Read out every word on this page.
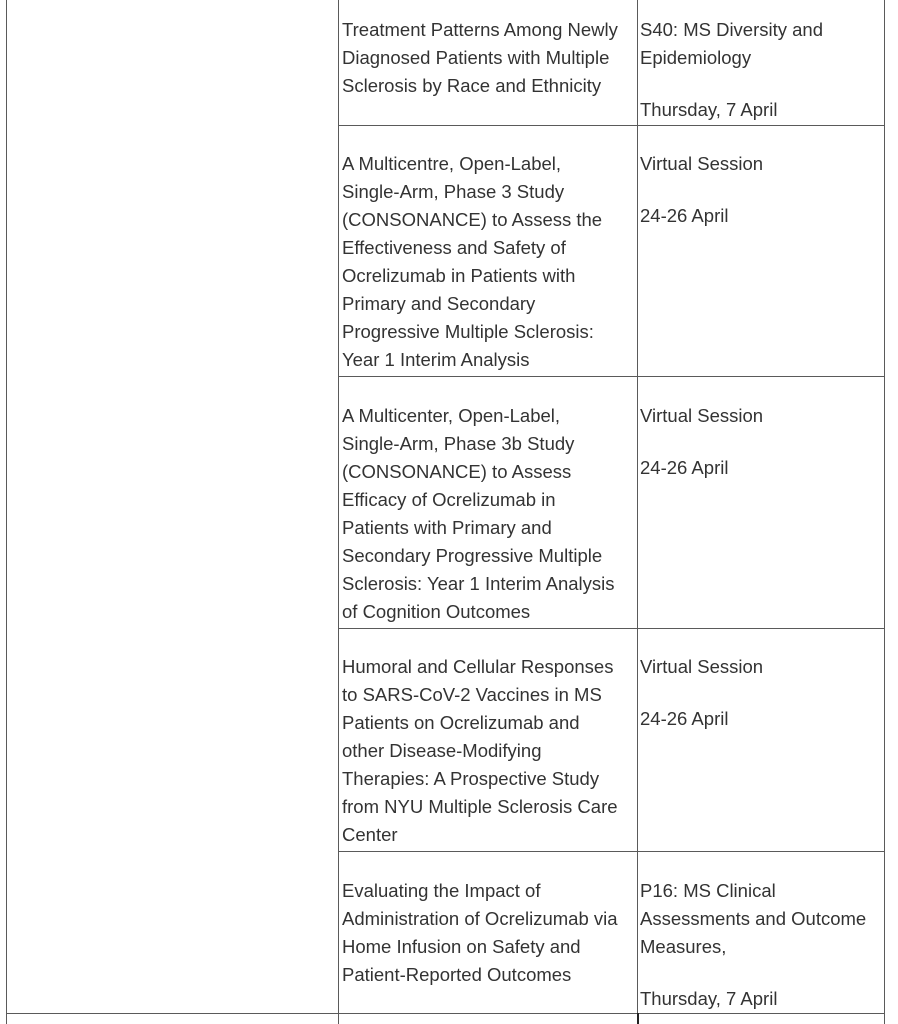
Treatment Patterns Among Newly
Diagnosed Patients with Multiple
Sclerosis by Race and Ethnicity
S40: MS Diversity and
Epidemiology
Thursday, 7 April
A Multicentre, Open-Label,
Single-Arm, Phase 3 Study
(CONSONANCE) to Assess the
Effectiveness and Safety of
Ocrelizumab in Patients with
Primary and Secondary
Progressive Multiple Sclerosis:
Year 1 Interim Analysis
Virtual Session
24-26 April
A Multicenter, Open-Label,
Single-Arm, Phase 3b Study
(CONSONANCE) to Assess
Efficacy of Ocrelizumab in
Patients with Primary and
Secondary Progressive Multiple
Sclerosis: Year 1 Interim Analysis
of Cognition Outcomes
Virtual Session
24-26 April
Humoral and Cellular Responses
to SARS-CoV-2 Vaccines in MS
Patients on Ocrelizumab and
other Disease-Modifying
Therapies: A Prospective Study
from NYU Multiple Sclerosis Care
Center
Virtual Session
24-26 April
Evaluating the Impact of
Administration of Ocrelizumab via
Home Infusion on Safety and
Patient-Reported Outcomes
P16: MS Clinical
Assessments and Outcome
Measures,
Thursday, 7 April
